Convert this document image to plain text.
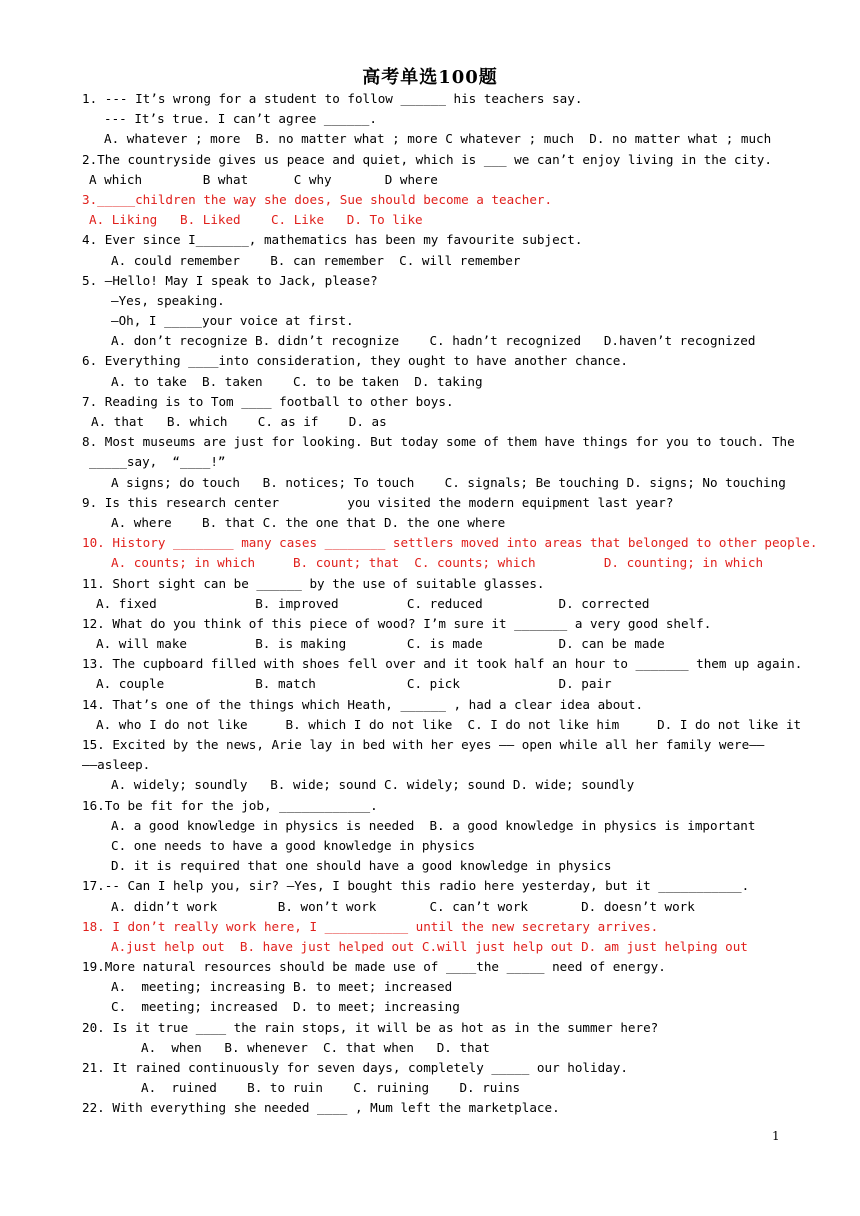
高考单选100题
1. --- It’s wrong for a student to follow ______ his teachers say.
--- It’s true. I can’t agree ______.
A. whatever ; more  B. no matter what ; more C whatever ; much  D. no matter what ; much
2.The countryside gives us peace and quiet, which is ___ we can’t enjoy living in the city.
A which        B what      C why       D where
3._____children the way she does, Sue should become a teacher.
A. Liking   B. Liked    C. Like   D. To like
4. Ever since I_______, mathematics has been my favourite subject.
A. could remember    B. can remember  C. will remember
5. —Hello! May I speak to Jack, please?
—Yes, speaking.
—Oh, I _____your voice at first.
A. don’t recognize B. didn’t recognize    C. hadn’t recognized   D.haven’t recognized
6. Everything ____into consideration, they ought to have another chance.
A. to take  B. taken    C. to be taken  D. taking
7. Reading is to Tom ____ football to other boys.
A. that   B. which    C. as if    D. as
8. Most museums are just for looking. But today some of them have things for you to touch. The
_____say,  “____!”
A signs; do touch   B. notices; To touch    C. signals; Be touching D. signs; No touching
9. Is this research center         you visited the modern equipment last year?
A. where    B. that C. the one that D. the one where
10. History ________ many cases ________ settlers moved into areas that belonged to other people.
A. counts; in which     B. count; that  C. counts; which         D. counting; in which
11. Short sight can be ______ by the use of suitable glasses.
A. fixed             B. improved         C. reduced          D. corrected
12. What do you think of this piece of wood? I’m sure it _______ a very good shelf.
A. will make         B. is making        C. is made          D. can be made
13. The cupboard filled with shoes fell over and it took half an hour to _______ them up again.
A. couple            B. match            C. pick             D. pair
14. That’s one of the things which Heath, ______ , had a clear idea about.
A. who I do not like     B. which I do not like  C. I do not like him     D. I do not like it
15. Excited by the news, Arie lay in bed with her eyes —— open while all her family were——
——asleep.
A. widely; soundly   B. wide; sound C. widely; sound D. wide; soundly
16.To be fit for the job, ____________.
A. a good knowledge in physics is needed  B. a good knowledge in physics is important
C. one needs to have a good knowledge in physics
D. it is required that one should have a good knowledge in physics
17.-- Can I help you, sir? —Yes, I bought this radio here yesterday, but it ___________.
A. didn’t work        B. won’t work       C. can’t work       D. doesn’t work
18. I don’t really work here, I ___________ until the new secretary arrives.
A.just help out  B. have just helped out C.will just help out D. am just helping out
19.More natural resources should be made use of ____the _____ need of energy.
A.  meeting; increasing B. to meet; increased
C.  meeting; increased  D. to meet; increasing
20. Is it true ____ the rain stops, it will be as hot as in the summer here?
A.  when   B. whenever  C. that when   D. that
21. It rained continuously for seven days, completely _____ our holiday.
A.  ruined    B. to ruin    C. ruining    D. ruins
22. With everything she needed ____ , Mum left the marketplace.
1
